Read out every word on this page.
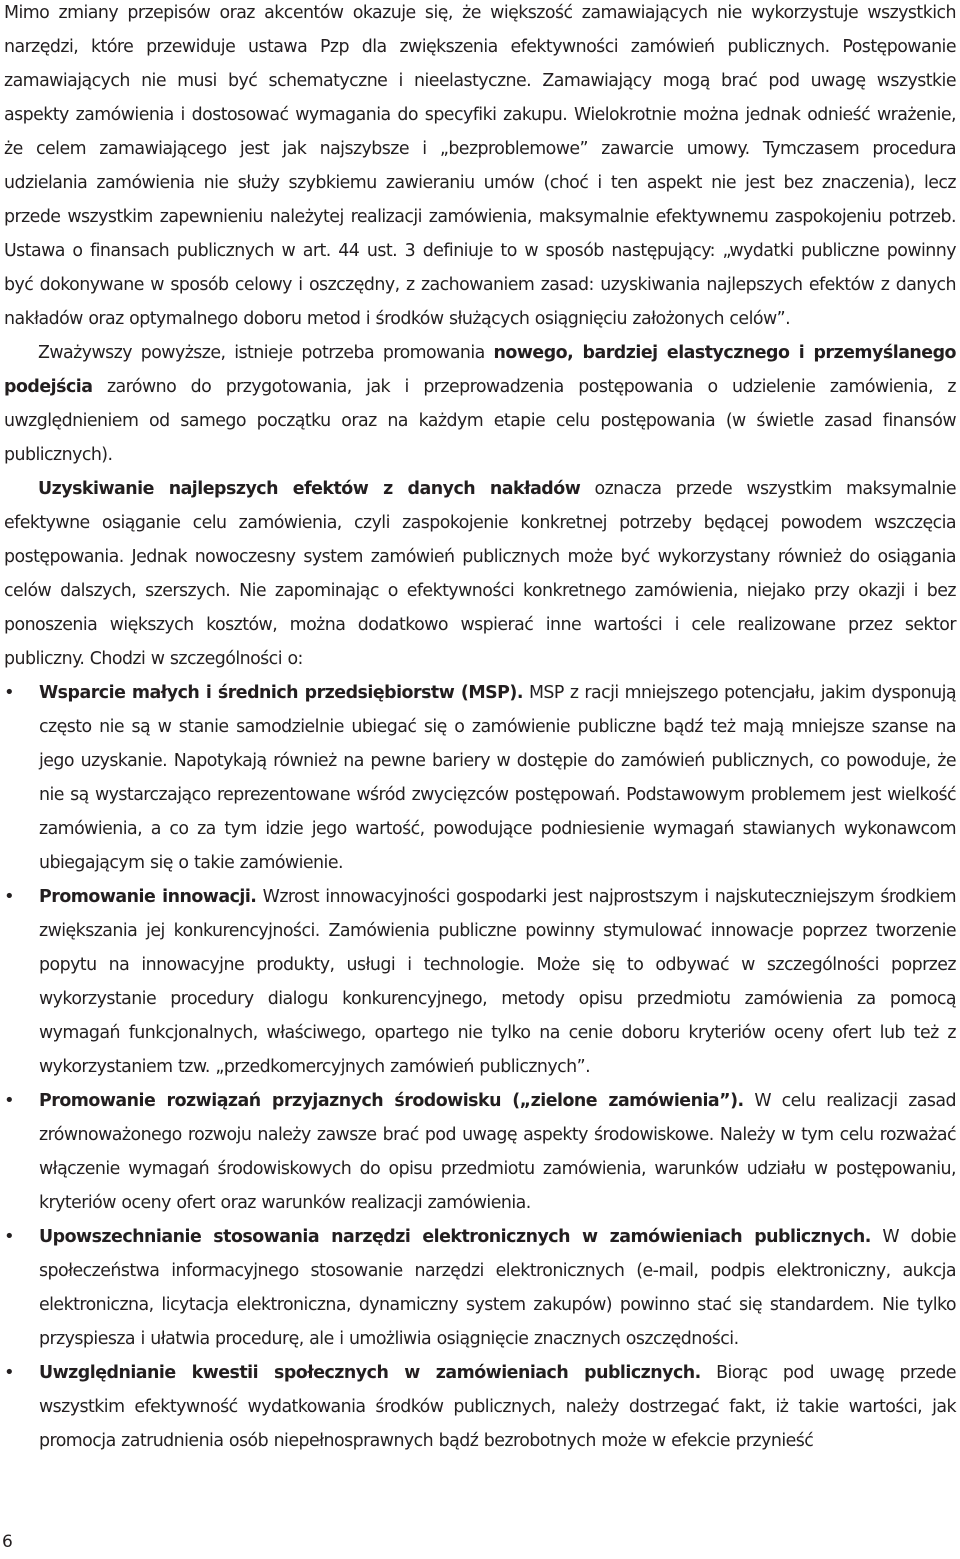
Mimo zmiany przepisów oraz akcentów okazuje się, że większość zamawiających nie wykorzystuje wszystkich narzędzi, które przewiduje ustawa Pzp dla zwiększenia efektywności zamówień publicznych. Postępowanie zamawiających nie musi być schematyczne i nieelastyczne. Zamawiający mogą brać pod uwagę wszystkie aspekty zamówienia i dostosować wymagania do specyfiki zakupu. Wielokrotnie można jednak odnieść wrażenie, że celem zamawiającego jest jak najszybsze i „bezproblemowe” zawarcie umowy. Tymczasem procedura udzielania zamówienia nie służy szybkiemu zawieraniu umów (choć i ten aspekt nie jest bez znaczenia), lecz przede wszystkim zapewnieniu należytej realizacji zamówienia, maksymalnie efektywnemu zaspokojeniu potrzeb. Ustawa o finansach publicznych w art. 44 ust. 3 definiuje to w sposób następujący: „wydatki publiczne powinny być dokonywane w sposób celowy i oszczędny, z zachowaniem zasad: uzyskiwania najlepszych efektów z danych nakładów oraz optymalnego doboru metod i środków służących osiągnięciu założonych celów”.

Zważywszy powyższe, istnieje potrzeba promowania nowego, bardziej elastycznego i przemyślanego podejścia zarówno do przygotowania, jak i przeprowadzenia postępowania o udzielenie zamówienia, z uwzględnieniem od samego początku oraz na każdym etapie celu postępowania (w świetle zasad finansów publicznych).

Uzyskiwanie najlepszych efektów z danych nakładów oznacza przede wszystkim maksymalnie efektywne osiąganie celu zamówienia, czyli zaspokojenie konkretnej potrzeby będącej powodem wszczęcia postępowania. Jednak nowoczesny system zamówień publicznych może być wykorzystany również do osiągania celów dalszych, szerszych. Nie zapominając o efektywności konkretnego zamówienia, niejako przy okazji i bez ponoszenia większych kosztów, można dodatkowo wspierać inne wartości i cele realizowane przez sektor publiczny. Chodzi w szczególności o:

• Wsparcie małych i średnich przedsiębiorstw (MSP). MSP z racji mniejszego potencjału, jakim dysponują często nie są w stanie samodzielnie ubiegać się o zamówienie publiczne bądź też mają mniejsze szanse na jego uzyskanie. Napotykają również na pewne bariery w dostępie do zamówień publicznych, co powoduje, że nie są wystarczająco reprezentowane wśród zwycięzców postępowań. Podstawowym problemem jest wielkość zamówienia, a co za tym idzie jego wartość, powodujące podniesienie wymagań stawianych wykonawcom ubiegającym się o takie zamówienie.
• Promowanie innowacji. Wzrost innowacyjności gospodarki jest najprostszym i najskuteczniejszym środkiem zwiększania jej konkurencyjności. Zamówienia publiczne powinny stymulować innowacje poprzez tworzenie popytu na innowacyjne produkty, usługi i technologie. Może się to odbywać w szczególności poprzez wykorzystanie procedury dialogu konkurencyjnego, metody opisu przedmiotu zamówienia za pomocą wymagań funkcjonalnych, właściwego, opartego nie tylko na cenie doboru kryteriów oceny ofert lub też z wykorzystaniem tzw. „przedkomercyjnych zamówień publicznych”.
• Promowanie rozwiązań przyjaznych środowisku („zielone zamówienia”). W celu realizacji zasad zrównoważonego rozwoju należy zawsze brać pod uwagę aspekty środowiskowe. Należy w tym celu rozważać włączenie wymagań środowiskowych do opisu przedmiotu zamówienia, warunków udziału w postępowaniu, kryteriów oceny ofert oraz warunków realizacji zamówienia.
• Upowszechnianie stosowania narzędzi elektronicznych w zamówieniach publicznych. W dobie społeczeństwa informacyjnego stosowanie narzędzi elektronicznych (e-mail, podpis elektroniczny, aukcja elektroniczna, licytacja elektroniczna, dynamiczny system zakupów) powinno stać się standardem. Nie tylko przyspiesza i ułatwia procedurę, ale i umożliwia osiągnięcie znacznych oszczędności.
• Uwzględnianie kwestii społecznych w zamówieniach publicznych. Biorąc pod uwagę przede wszystkim efektywność wydatkowania środków publicznych, należy dostrzegać fakt, iż takie wartości, jak promocja zatrudnienia osób niepełnosprawnych bądź bezrobotnych może w efekcie przynieść
6
